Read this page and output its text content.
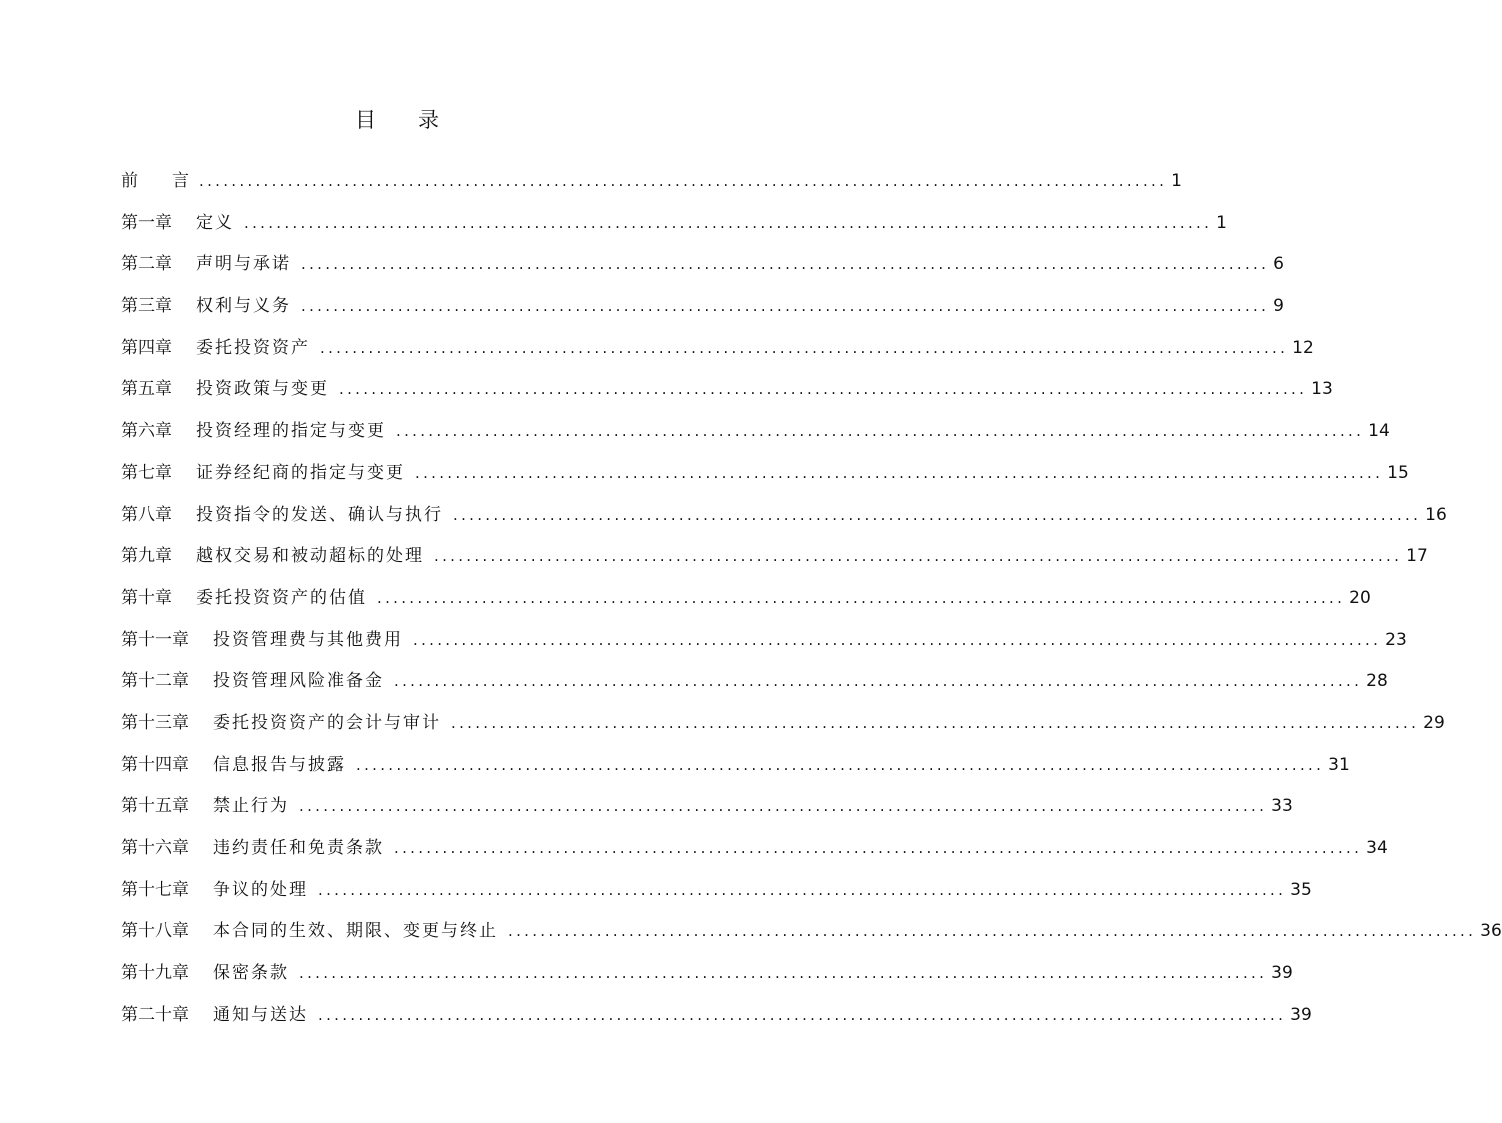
目　　录
前　　言 ........................................................................................................................ 1
第一章 定义 ........................................................................................................................ 1
第二章 声明与承诺 ........................................................................................................................ 6
第三章 权利与义务 ........................................................................................................................ 9
第四章 委托投资资产 ........................................................................................................................ 12
第五章 投资政策与变更 ........................................................................................................................ 13
第六章 投资经理的指定与变更 ........................................................................................................................ 14
第七章 证券经纪商的指定与变更 ........................................................................................................................ 15
第八章 投资指令的发送、确认与执行 ........................................................................................................................ 16
第九章 越权交易和被动超标的处理 ........................................................................................................................ 17
第十章 委托投资资产的估值 ........................................................................................................................ 20
第十一章 投资管理费与其他费用 ........................................................................................................................ 23
第十二章 投资管理风险准备金 ........................................................................................................................ 28
第十三章 委托投资资产的会计与审计 ........................................................................................................................ 29
第十四章 信息报告与披露 ........................................................................................................................ 31
第十五章 禁止行为 ........................................................................................................................ 33
第十六章 违约责任和免责条款 ........................................................................................................................ 34
第十七章 争议的处理 ........................................................................................................................ 35
第十八章 本合同的生效、期限、变更与终止 ........................................................................................................................ 36
第十九章 保密条款 ........................................................................................................................ 39
第二十章 通知与送达 ........................................................................................................................ 39
